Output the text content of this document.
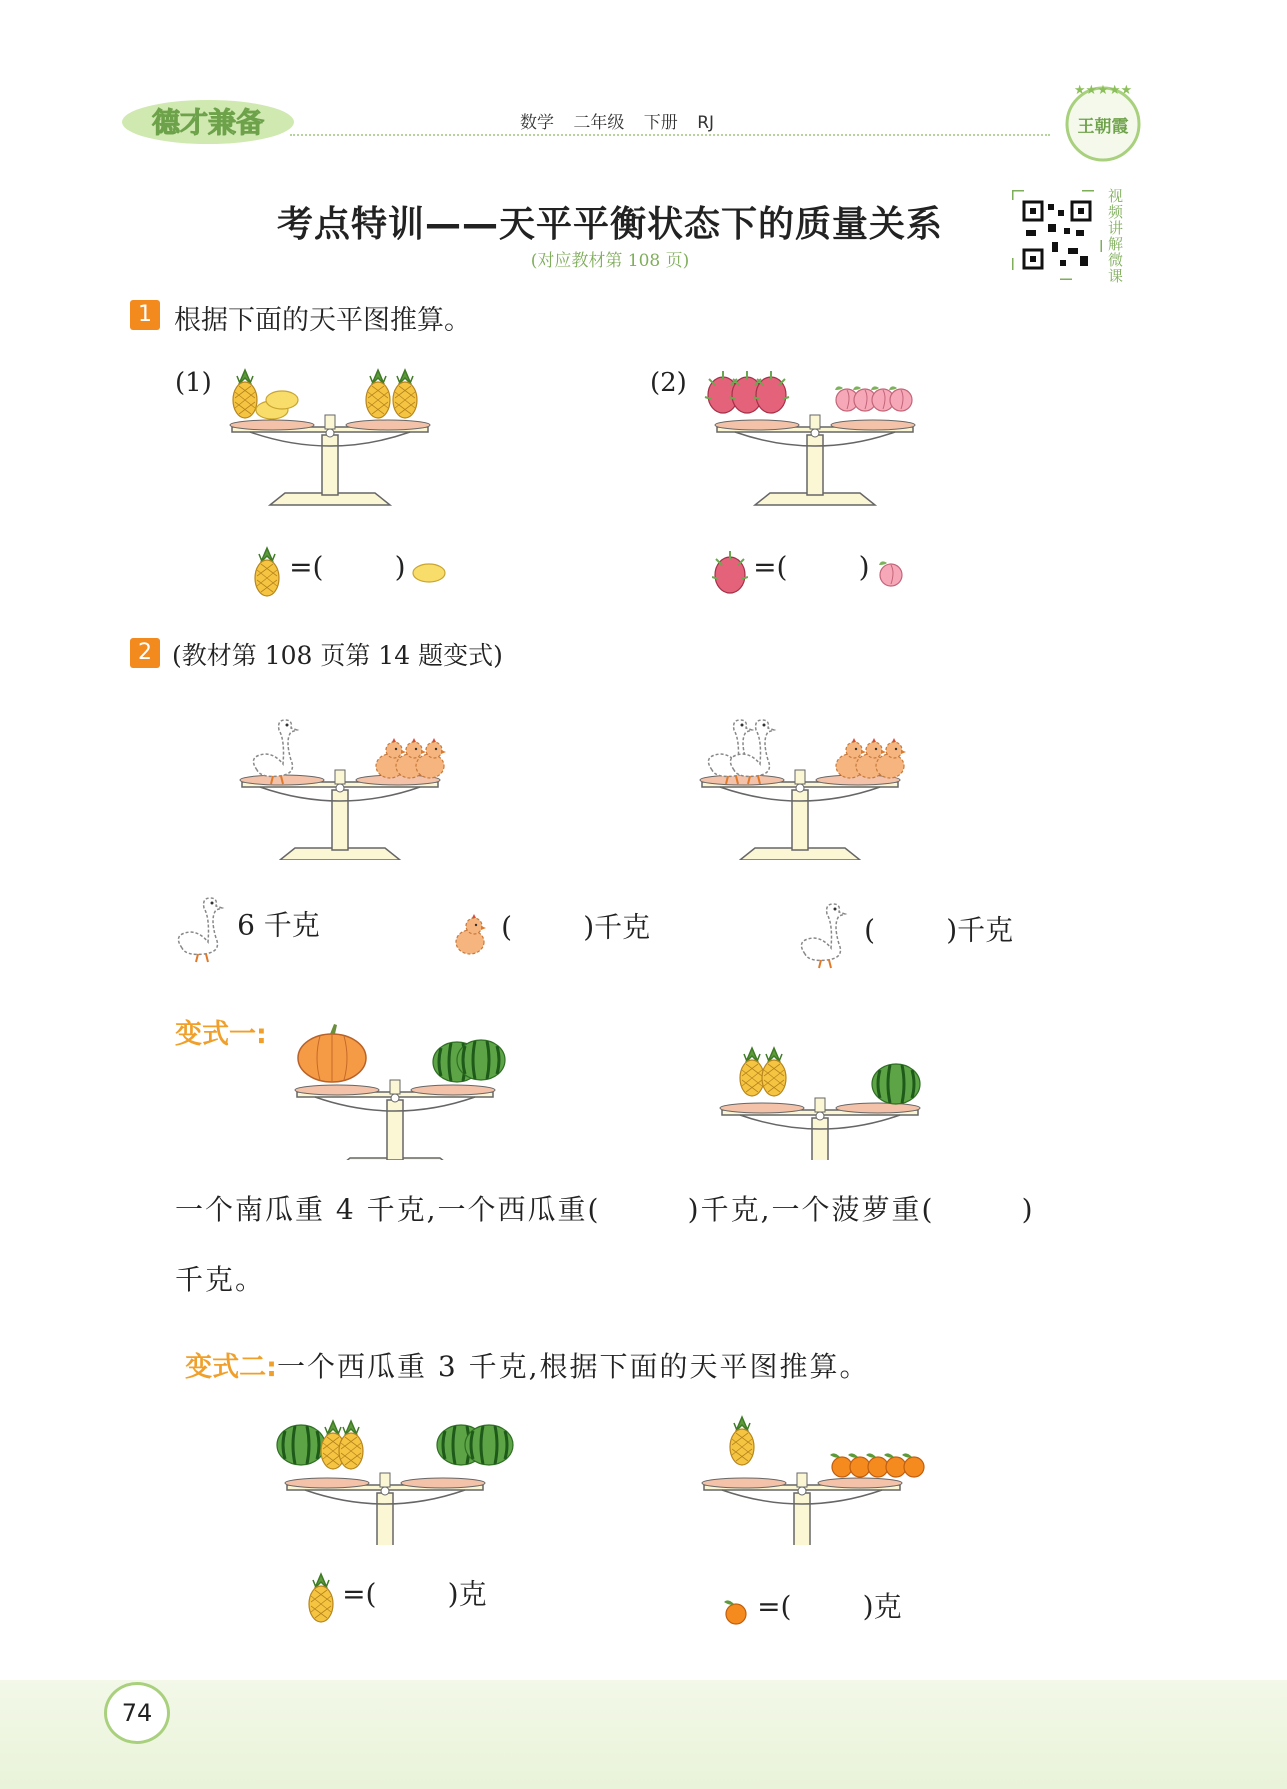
德才兼备	数学 二年级 下册 RJ
★★★★★
王朝霞
考点特训——天平平衡状态下的质量关系
(对应教材第 108 页)
视频讲解微课
1 根据下面的天平图推算。
(1)
=(        )
(2)
=(        )
2 (教材第 108 页第 14 题变式)
6 千克	(        )千克	(        )千克
变式一:
一个南瓜重 4 千克,一个西瓜重(        )千克,一个菠萝重(        )
千克。

变式二:一个西瓜重 3 千克,根据下面的天平图推算。

=(        )克	=(        )克
74
